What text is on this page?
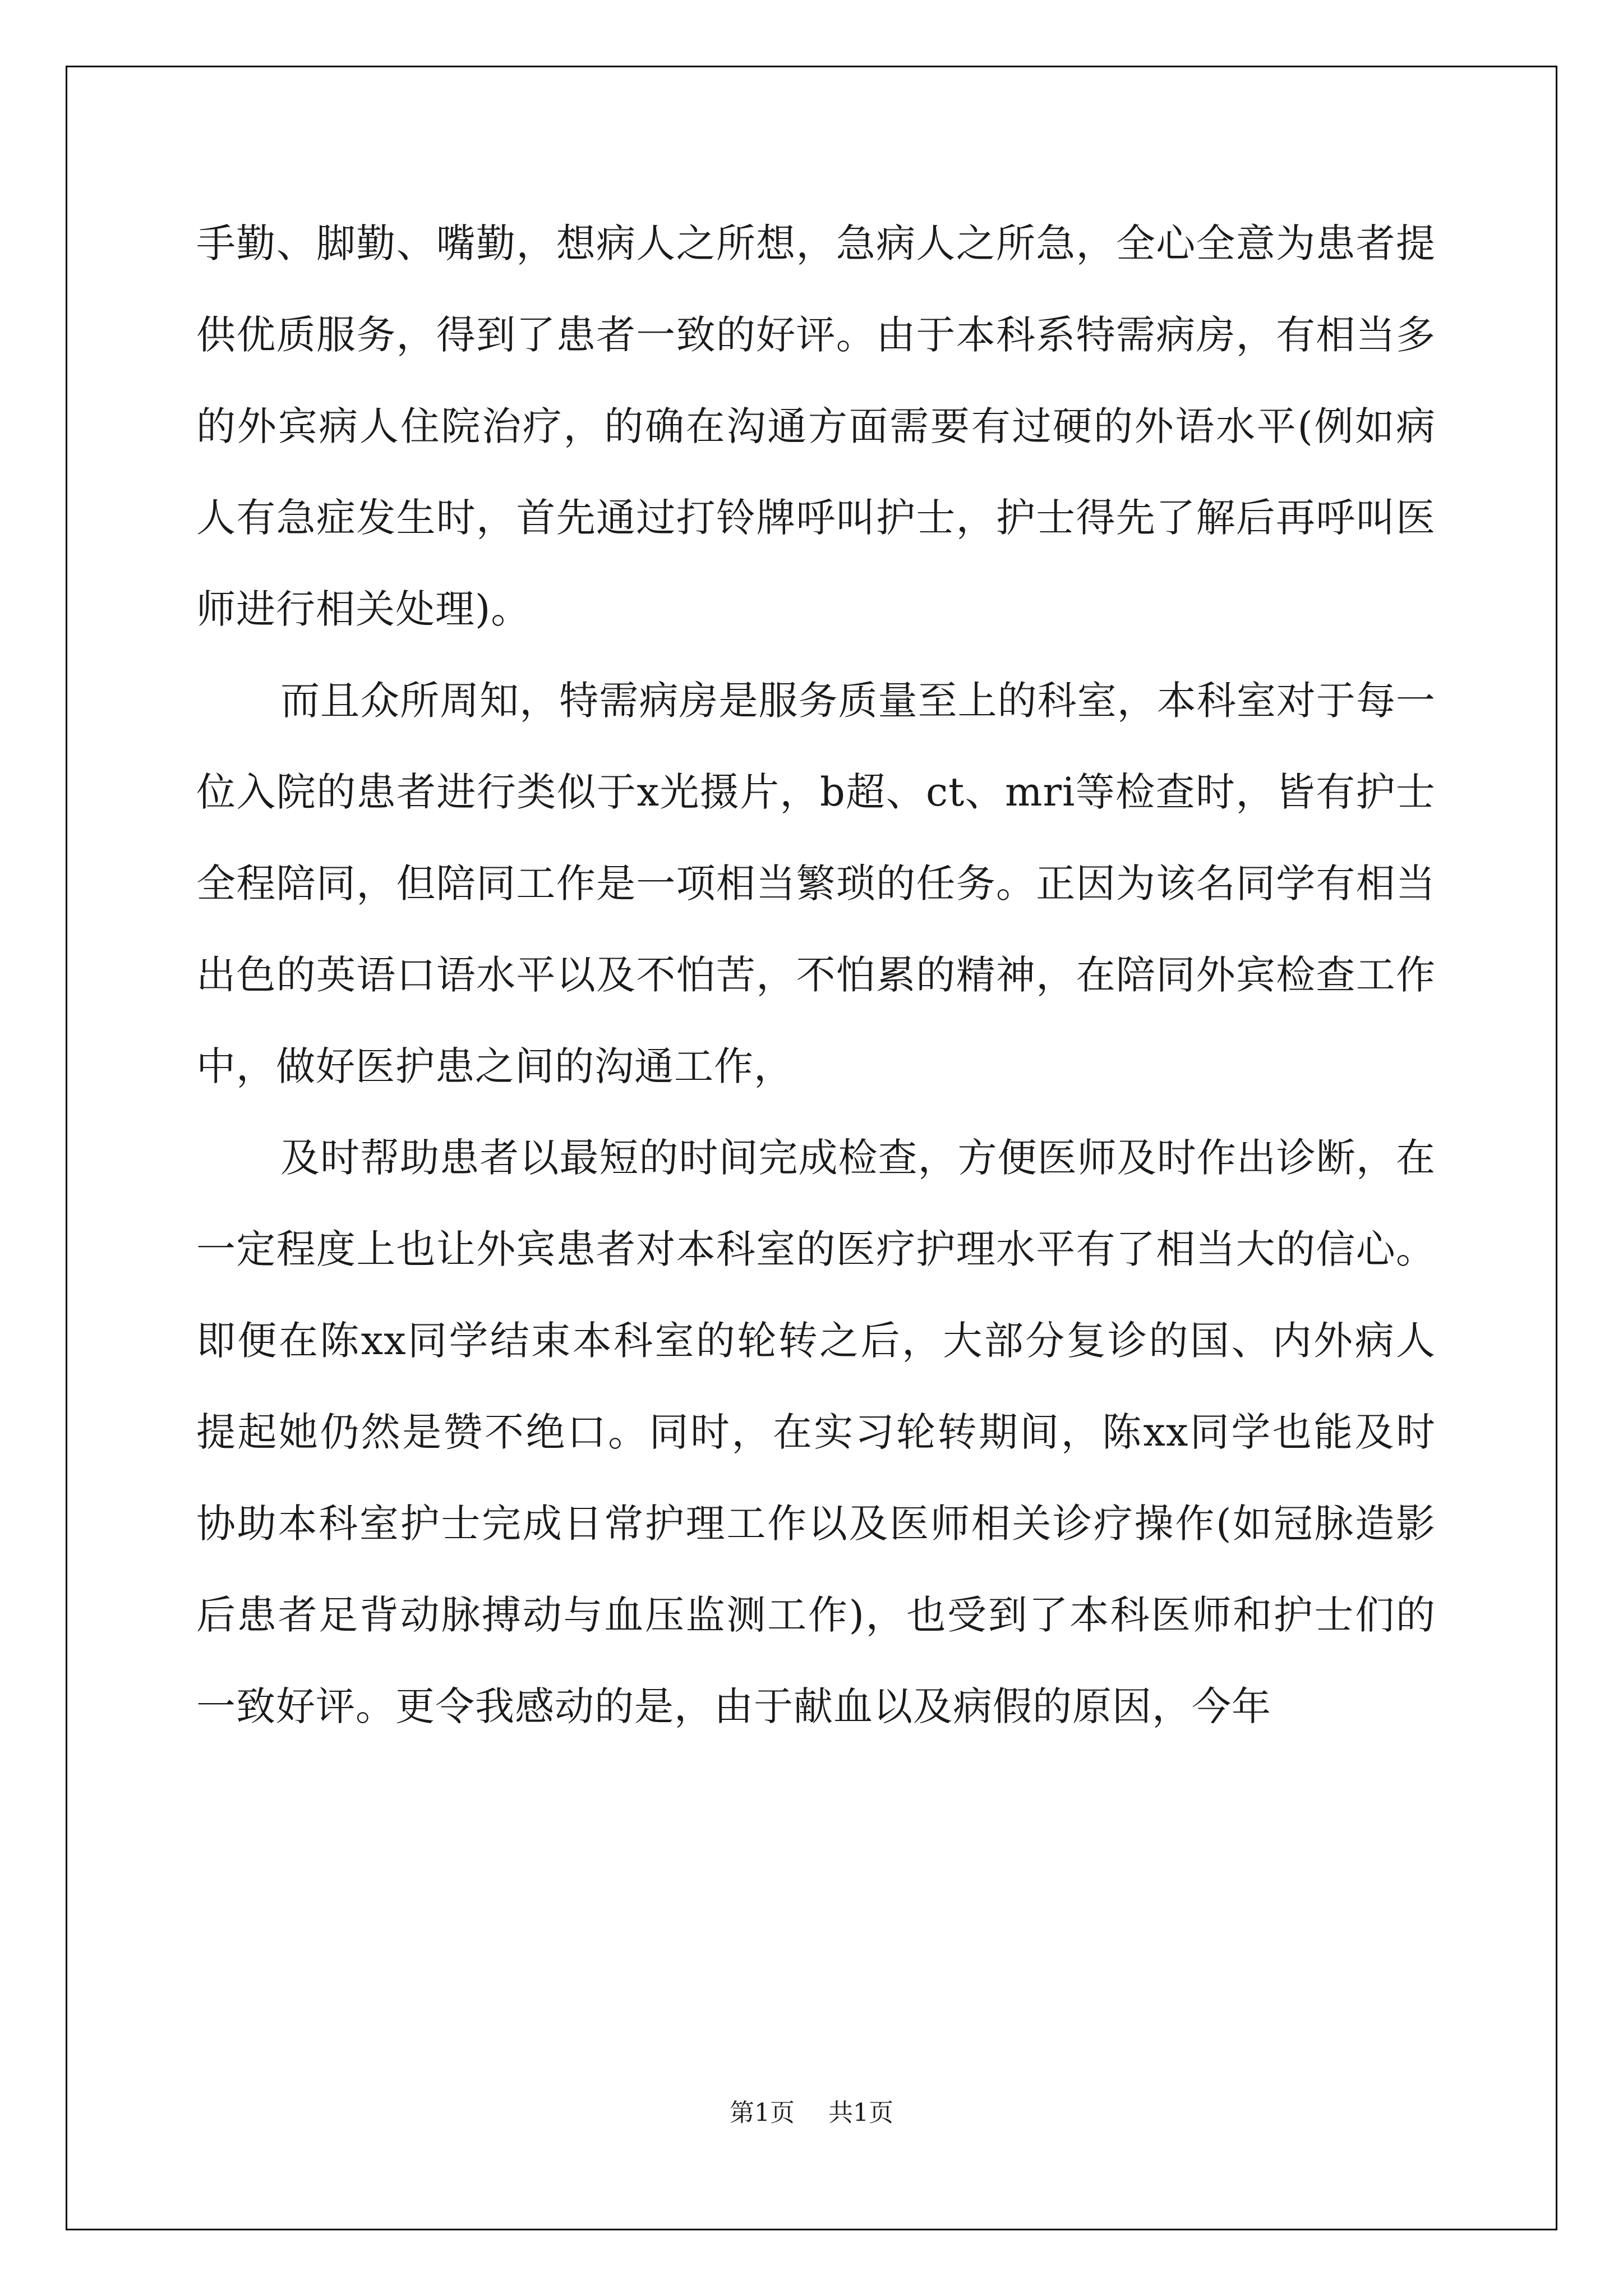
手勤、脚勤、嘴勤，想病人之所想，急病人之所急，全心全意为患者提供优质服务，得到了患者一致的好评。由于本科系特需病房，有相当多的外宾病人住院治疗，的确在沟通方面需要有过硬的外语水平(例如病人有急症发生时，首先通过打铃牌呼叫护士，护士得先了解后再呼叫医师进行相关处理)。

而且众所周知，特需病房是服务质量至上的科室，本科室对于每一位入院的患者进行类似于x光摄片，b超、ct、mri等检查时，皆有护士全程陪同，但陪同工作是一项相当繁琐的任务。正因为该名同学有相当出色的英语口语水平以及不怕苦，不怕累的精神，在陪同外宾检查工作中，做好医护患之间的沟通工作，

及时帮助患者以最短的时间完成检查，方便医师及时作出诊断，在一定程度上也让外宾患者对本科室的医疗护理水平有了相当大的信心。即便在陈xx同学结束本科室的轮转之后，大部分复诊的国、内外病人提起她仍然是赞不绝口。同时，在实习轮转期间，陈xx同学也能及时协助本科室护士完成日常护理工作以及医师相关诊疗操作(如冠脉造影后患者足背动脉搏动与血压监测工作)，也受到了本科医师和护士们的一致好评。更令我感动的是，由于献血以及病假的原因，今年

第1页 共1页
